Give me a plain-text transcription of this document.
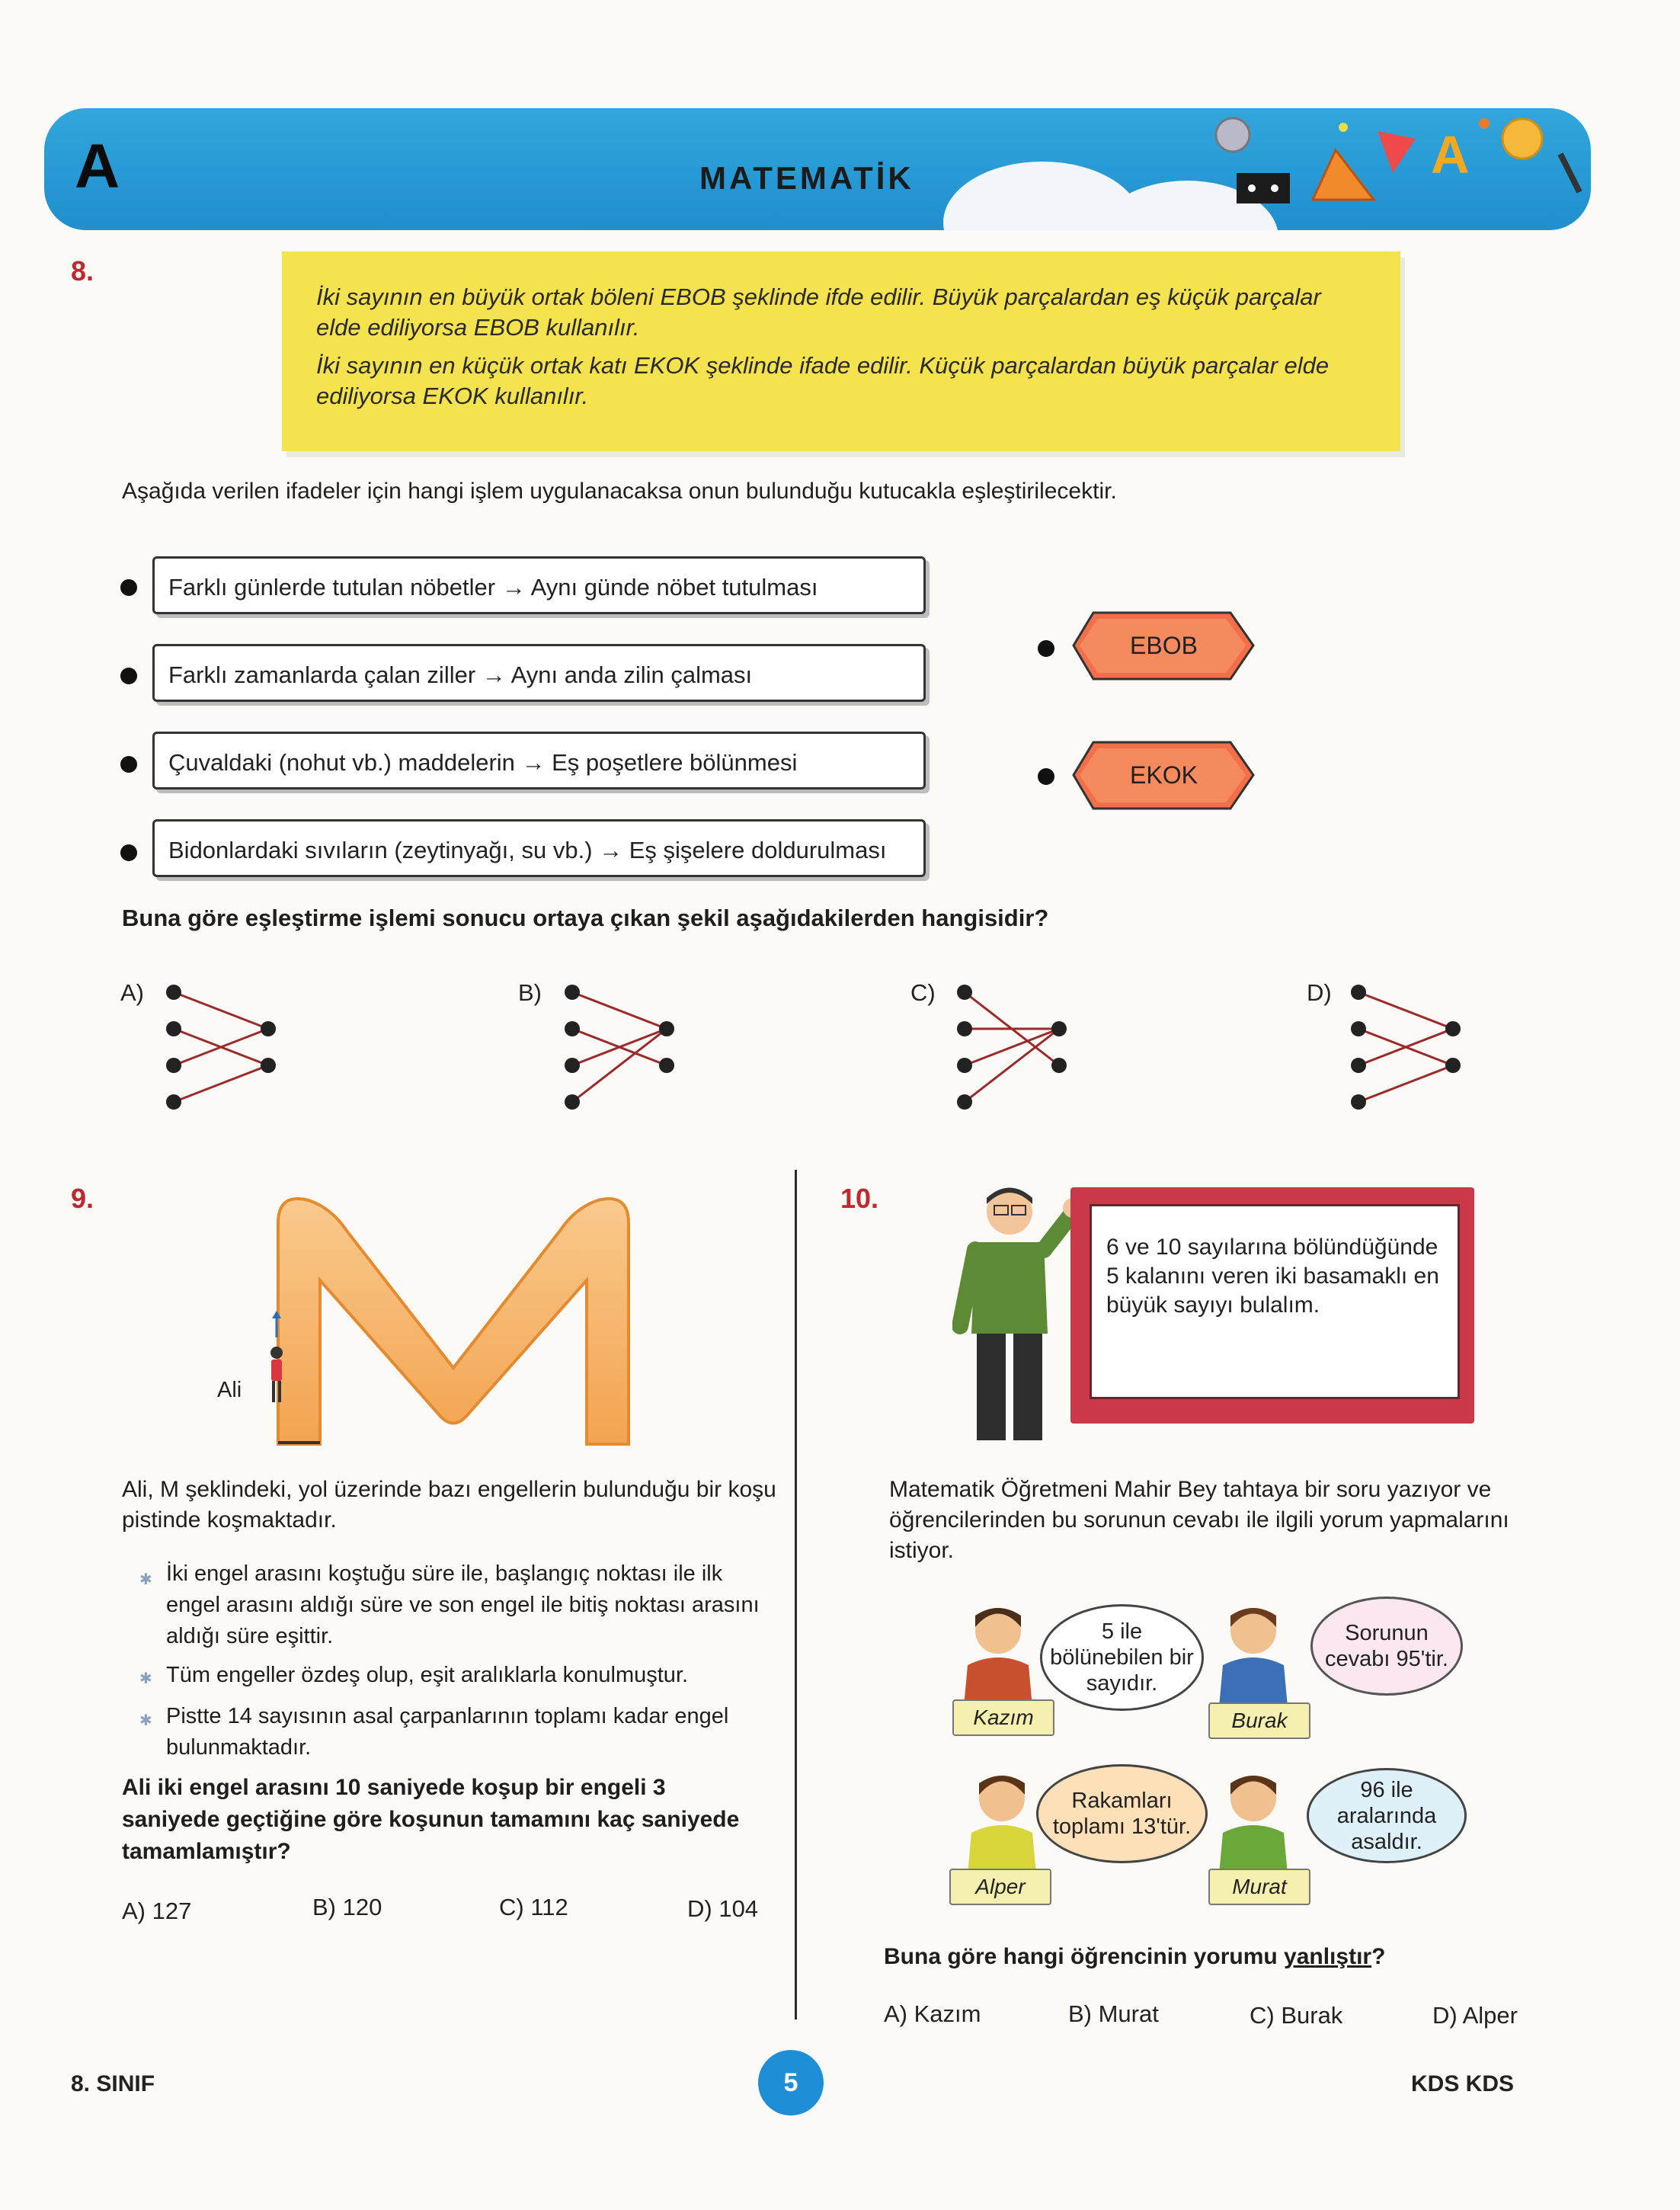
A	MATEMATİK	A
8.

İki sayının en büyük ortak böleni EBOB şeklinde ifde edilir. Büyük parçalardan eş küçük parçalar elde ediliyorsa EBOB kullanılır.

İki sayının en küçük ortak katı EKOK şeklinde ifade edilir. Küçük parçalardan büyük parçalar elde ediliyorsa EKOK kullanılır.

Aşağıda verilen ifadeler için hangi işlem uygulanacaksa onun bulunduğu kutucakla eşleştirilecektir.
Farklı günlerde tutulan nöbetler → Aynı günde nöbet tutulması
Farklı zamanlarda çalan ziller → Aynı anda zilin çalması
Çuvaldaki (nohut vb.) maddelerin → Eş poşetlere bölünmesi
Bidonlardaki sıvıların (zeytinyağı, su vb.) → Eş şişelere doldurulması
EBOB
EKOK
Buna göre eşleştirme işlemi sonucu ortaya çıkan şekil aşağıdakilerden hangisidir?
A)	B)	C)	D)
9.
Ali
Ali, M şeklindeki, yol üzerinde bazı engellerin bulunduğu bir koşu pistinde koşmaktadır.
✱ İki engel arasını koştuğu süre ile, başlangıç noktası ile ilk engel arasını aldığı süre ve son engel ile bitiş noktası arasını aldığı süre eşittir.
✱ Tüm engeller özdeş olup, eşit aralıklarla konulmuştur.
✱ Pistte 14 sayısının asal çarpanlarının toplamı kadar engel bulunmaktadır.
Ali iki engel arasını 10 saniyede koşup bir engeli 3 saniyede geçtiğine göre koşunun tamamını kaç saniyede tamamlamıştır?
A) 127	B) 120	C) 112	D) 104
10.
6 ve 10 sayılarına bölündüğünde 5 kalanını veren iki basamaklı en büyük sayıyı bulalım.
Matematik Öğretmeni Mahir Bey tahtaya bir soru yazıyor ve öğrencilerinden bu sorunun cevabı ile ilgili yorum yapmalarını istiyor.
Kazım
5 ile bölünebilen bir sayıdır.
Burak
Sorunun cevabı 95'tir.
Alper
Rakamları toplamı 13'tür.
Murat
96 ile aralarında asaldır.
Buna göre hangi öğrencinin yorumu yanlıştır?
A) Kazım	B) Murat	C) Burak	D) Alper
8. SINIF	5	KDS KDS
